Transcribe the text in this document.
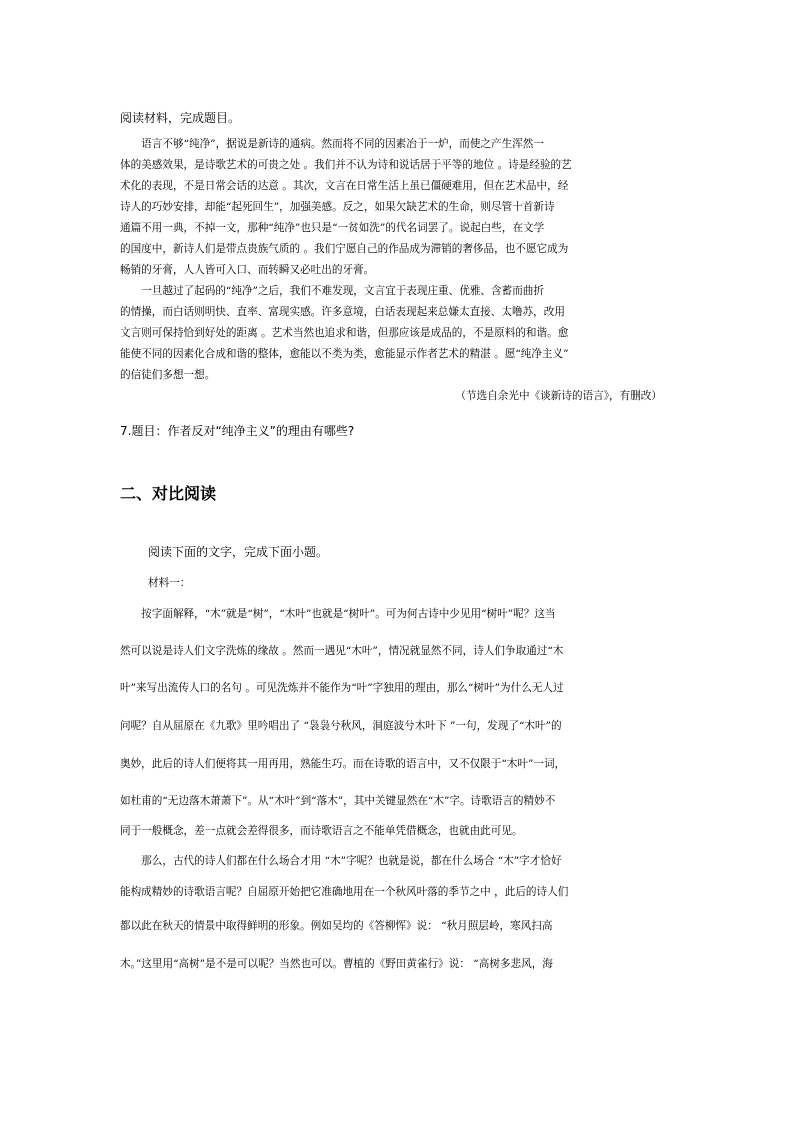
阅读材料，完成题目。

　　语言不够“纯净”，据说是新诗的通病。然而将不同的因素冶于一炉，而使之产生浑然一
体的美感效果，是诗歌艺术的可贵之处 。我们并不认为诗和说话居于平等的地位 。诗是经验的艺
术化的表现，不是日常会话的达意 。其次，文言在日常生活上虽已僵硬难用，但在艺术品中，经
诗人的巧妙安排，却能“起死回生”，加强美感。反之，如果欠缺艺术的生命，则尽管十首新诗
通篇不用一典，不掉一文，那种“纯净”也只是“一贫如洗”的代名词罢了。说起白些，在文学
的国度中，新诗人们是带点贵族气质的 。我们宁愿自己的作品成为滞销的奢侈品，也不愿它成为
畅销的牙膏，人人皆可入口、而转瞬又必吐出的牙膏。
　　一旦越过了起码的“纯净”之后，我们不难发现，文言宜于表现庄重、优雅、含蓄而曲折
的情操，而白话则明快、直率、富现实感。许多意境，白话表现起来总嫌太直接、太噜苏，改用
文言则可保持恰到好处的距离 。艺术当然也追求和谐，但那应该是成品的，不是原料的和谐。愈
能使不同的因素化合成和谐的整体，愈能以不类为类，愈能显示作者艺术的精湛 。愿“纯净主义”
的信徒们多想一想。

（节选自余光中《谈新诗的语言》，有删改）

7.题目：作者反对“纯净主义”的理由有哪些?

二、对比阅读

阅读下面的文字，完成下面小题。

材料一：

　　按字面解释，“木”就是“树”，“木叶”也就是“树叶”。可为何古诗中少见用“树叶”呢？这当
然可以说是诗人们文字洗炼的缘故 。然而一遇见“木叶”，情况就显然不同，诗人们争取通过“木
叶”来写出流传人口的名句 。可见洗炼并不能作为“叶”字独用的理由，那么“树叶”为什么无人过
问呢？自从屈原在《九歌》里吟唱出了 “袅袅兮秋风，洞庭波兮木叶下 ”一句，发现了“木叶”的
奥妙，此后的诗人们便将其一用再用，熟能生巧。而在诗歌的语言中，又不仅限于“木叶”一词，
如杜甫的“无边落木萧萧下”。从“木叶”到“落木”，其中关键显然在“木”字。诗歌语言的精妙不
同于一般概念，差一点就会差得很多，而诗歌语言之不能单凭借概念，也就由此可见。
　　那么，古代的诗人们都在什么场合才用 “木”字呢？也就是说，都在什么场合 “木”字才恰好
能构成精妙的诗歌语言呢？自屈原开始把它准确地用在一个秋风叶落的季节之中 ，此后的诗人们
都以此在秋天的情景中取得鲜明的形象。例如吴均的《答柳恽》说： “秋月照层岭，寒风扫高
木。”这里用“高树”是不是可以呢？当然也可以。曹植的《野田黄雀行》说： “高树多悲风，海
